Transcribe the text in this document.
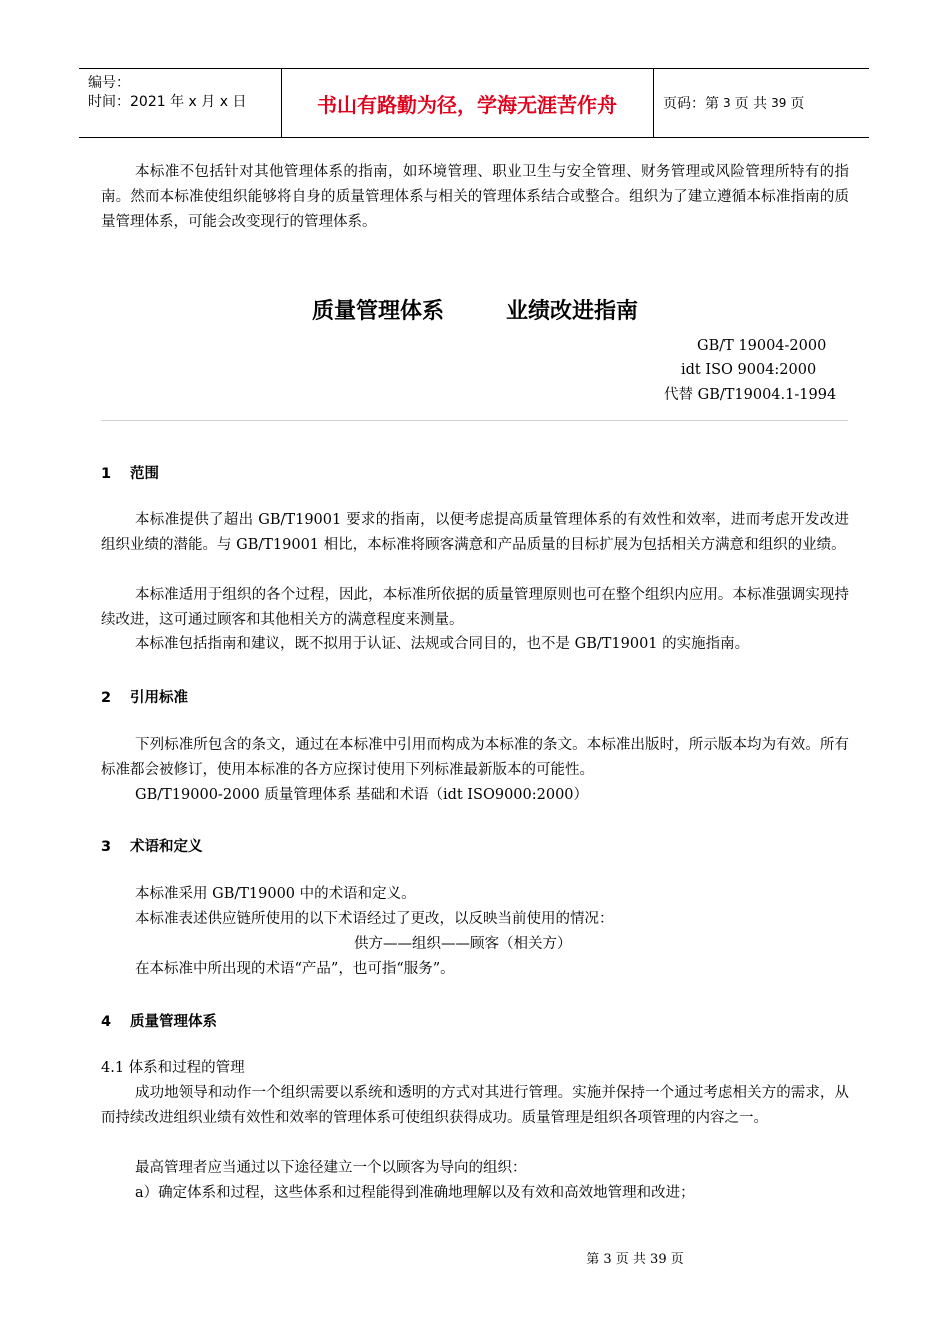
编号：
时间：2021 年 x 月 x 日	书山有路勤为径，学海无涯苦作舟	页码：第 3 页 共 39 页
本标准不包括针对其他管理体系的指南，如环境管理、职业卫生与安全管理、财务管理或风险管理所特有的指南。然而本标准使组织能够将自身的质量管理体系与相关的管理体系结合或整合。组织为了建立遵循本标准指南的质量管理体系，可能会改变现行的管理体系。
质量管理体系	业绩改进指南
GB/T 19004-2000
idt ISO 9004:2000
代替 GB/T19004.1-1994
1 范围
本标准提供了超出 GB/T19001 要求的指南，以便考虑提高质量管理体系的有效性和效率，进而考虑开发改进组织业绩的潜能。与 GB/T19001 相比，本标准将顾客满意和产品质量的目标扩展为包括相关方满意和组织的业绩。
本标准适用于组织的各个过程，因此，本标准所依据的质量管理原则也可在整个组织内应用。本标准强调实现持续改进，这可通过顾客和其他相关方的满意程度来测量。
本标准包括指南和建议，既不拟用于认证、法规或合同目的，也不是 GB/T19001 的实施指南。
2 引用标准
下列标准所包含的条文，通过在本标准中引用而构成为本标准的条文。本标准出版时，所示版本均为有效。所有标准都会被修订，使用本标准的各方应探讨使用下列标准最新版本的可能性。
GB/T19000-2000 质量管理体系 基础和术语（idt ISO9000:2000）
3 术语和定义
本标准采用 GB/T19000 中的术语和定义。
本标准表述供应链所使用的以下术语经过了更改，以反映当前使用的情况：
供方——组织——顾客（相关方）
在本标准中所出现的术语“产品”，也可指“服务”。
4 质量管理体系
4.1 体系和过程的管理
成功地领导和动作一个组织需要以系统和透明的方式对其进行管理。实施并保持一个通过考虑相关方的需求，从而持续改进组织业绩有效性和效率的管理体系可使组织获得成功。质量管理是组织各项管理的内容之一。
最高管理者应当通过以下途径建立一个以顾客为导向的组织：
a）确定体系和过程，这些体系和过程能得到准确地理解以及有效和高效地管理和改进；
第 3 页 共 39 页
